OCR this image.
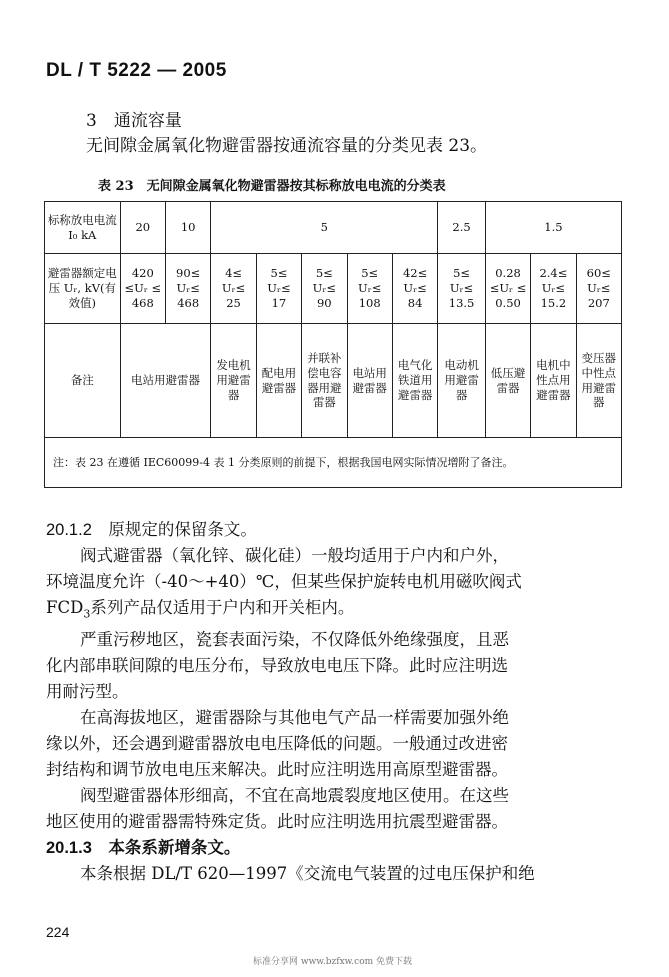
DL / T 5222 — 2005
3　通流容量
无间隙金属氧化物避雷器按通流容量的分类见表 23。
表 23　无间隙金属氧化物避雷器按其标称放电电流的分类表
标称放电电流 I₀ kA	20	10	5					2.5	1.5		
避雷器额定电压 Uᵣ, kV(有效值)	420 ≤Uᵣ ≤ 468	90≤ Uᵣ≤ 468	4≤ Uᵣ≤ 25	5≤ Uᵣ≤ 17	5≤ Uᵣ≤ 90	5≤ Uᵣ≤ 108	42≤ Uᵣ≤ 84	5≤ Uᵣ≤ 13.5	0.28 ≤Uᵣ ≤ 0.50	2.4≤ Uᵣ≤ 15.2	60≤ Uᵣ≤ 207
备注	电站用避雷器		发电机用避雷器	配电用避雷器	并联补偿电容器用避雷器	电站用避雷器	电气化铁道用避雷器	电动机用避雷器	低压避雷器	电机中性点用避雷器	变压器中性点用避雷器
注：表 23 在遵循 IEC60099-4 表 1 分类原则的前提下，根据我国电网实际情况增附了备注。											
20.1.2　原规定的保留条文。
阀式避雷器（氧化锌、碳化硅）一般均适用于户内和户外，
环境温度允许（-40～+40）℃，但某些保护旋转电机用磁吹阀式
$FCD_3$系列产品仅适用于户内和开关柜内。
严重污秽地区，瓷套表面污染，不仅降低外绝缘强度，且恶
化内部串联间隙的电压分布，导致放电电压下降。此时应注明选
用耐污型。
在高海拔地区，避雷器除与其他电气产品一样需要加强外绝
缘以外，还会遇到避雷器放电电压降低的问题。一般通过改进密
封结构和调节放电电压来解决。此时应注明选用高原型避雷器。
阀型避雷器体形细高，不宜在高地震裂度地区使用。在这些
地区使用的避雷器需特殊定货。此时应注明选用抗震型避雷器。
20.1.3　本条系新增条文。
本条根据 DL/T 620—1997《交流电气装置的过电压保护和绝
224
标准分享网 www.bzfxw.com 免费下载
